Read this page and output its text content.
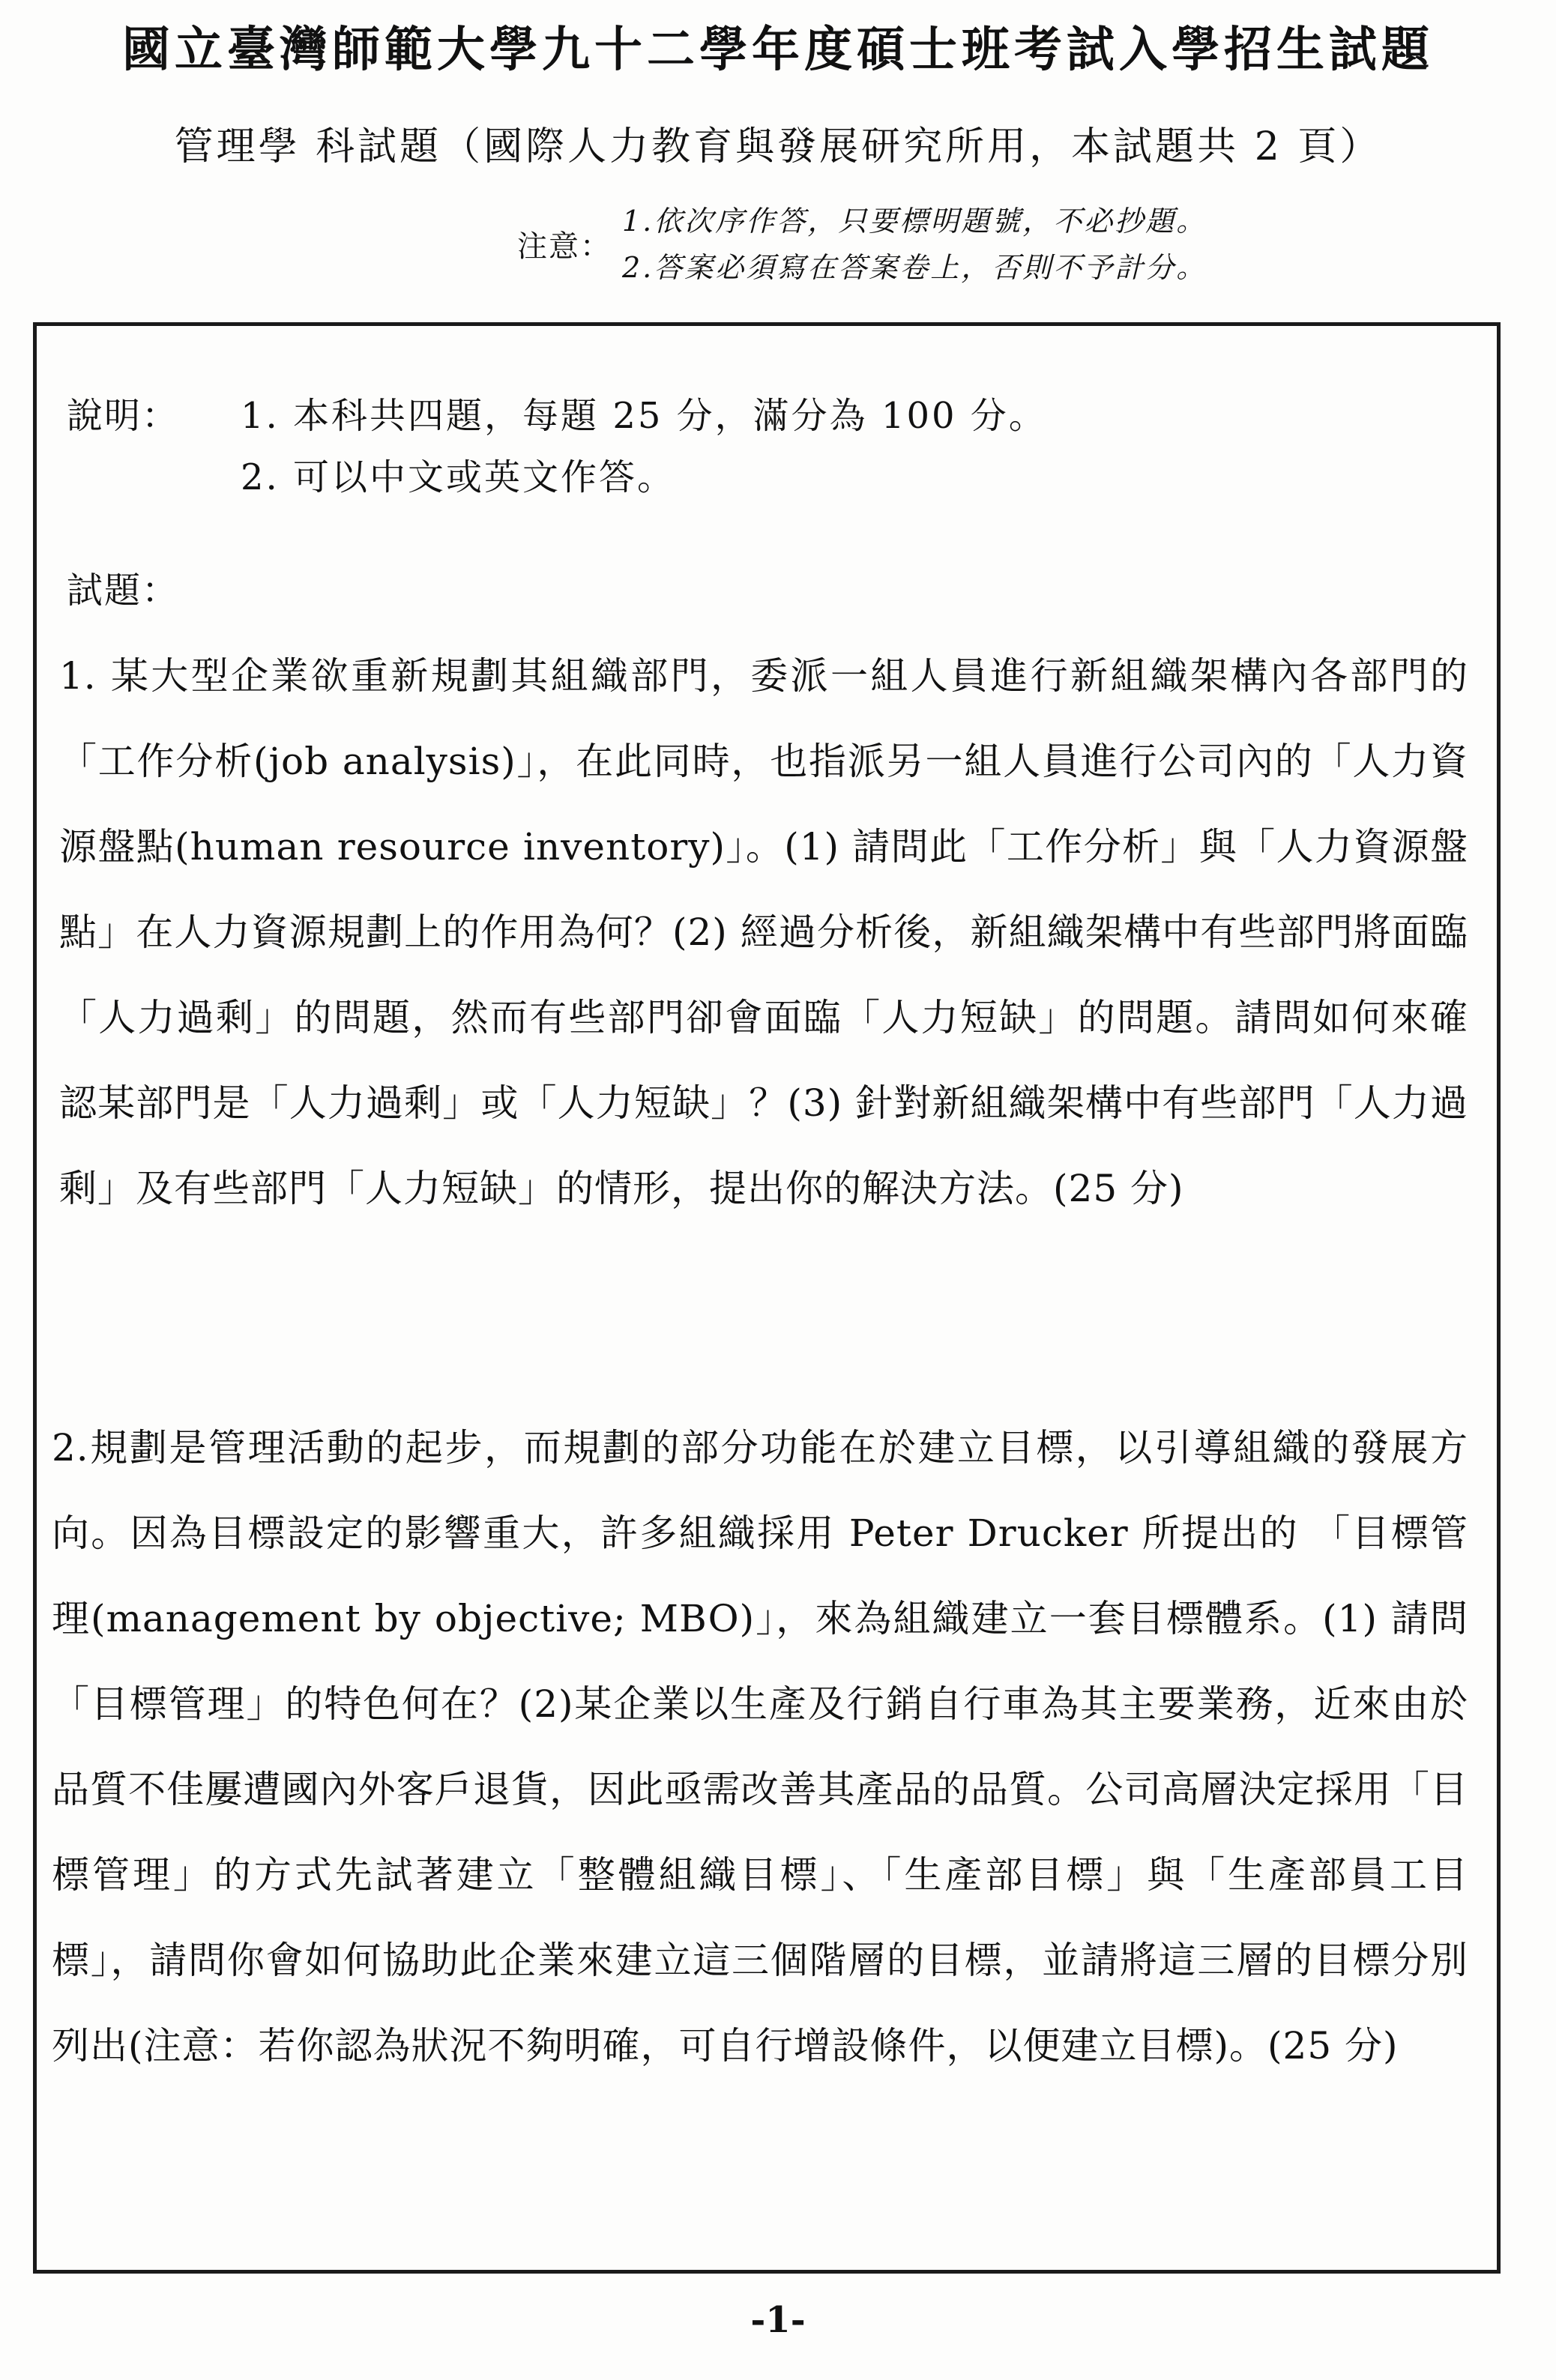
國立臺灣師範大學九十二學年度碩士班考試入學招生試題
管理學 科試題（國際人力教育與發展研究所用，本試題共 2 頁）
注意：
1.依次序作答，只要標明題號，不必抄題。
2.答案必須寫在答案卷上，否則不予計分。
說明： 1. 本科共四題，每題 25 分，滿分為 100 分。
2. 可以中文或英文作答。
試題：
1. 某大型企業欲重新規劃其組織部門，委派一組人員進行新組織架構內各部門的「工作分析(job analysis)」，在此同時，也指派另一組人員進行公司內的「人力資源盤點(human resource inventory)」。(1) 請問此「工作分析」與「人力資源盤點」在人力資源規劃上的作用為何？(2) 經過分析後，新組織架構中有些部門將面臨「人力過剩」的問題，然而有些部門卻會面臨「人力短缺」的問題。請問如何來確認某部門是「人力過剩」或「人力短缺」？(3) 針對新組織架構中有些部門「人力過剩」及有些部門「人力短缺」的情形，提出你的解決方法。(25 分)
2.規劃是管理活動的起步，而規劃的部分功能在於建立目標，以引導組織的發展方向。因為目標設定的影響重大，許多組織採用 Peter Drucker 所提出的 「目標管理(management by objective; MBO)」，來為組織建立一套目標體系。(1) 請問「目標管理」的特色何在？(2)某企業以生產及行銷自行車為其主要業務，近來由於品質不佳屢遭國內外客戶退貨，因此亟需改善其產品的品質。公司高層決定採用「目標管理」的方式先試著建立「整體組織目標」、「生產部目標」與「生產部員工目標」，請問你會如何協助此企業來建立這三個階層的目標，並請將這三層的目標分別列出(注意：若你認為狀況不夠明確，可自行增設條件，以便建立目標)。(25 分)
-1-
